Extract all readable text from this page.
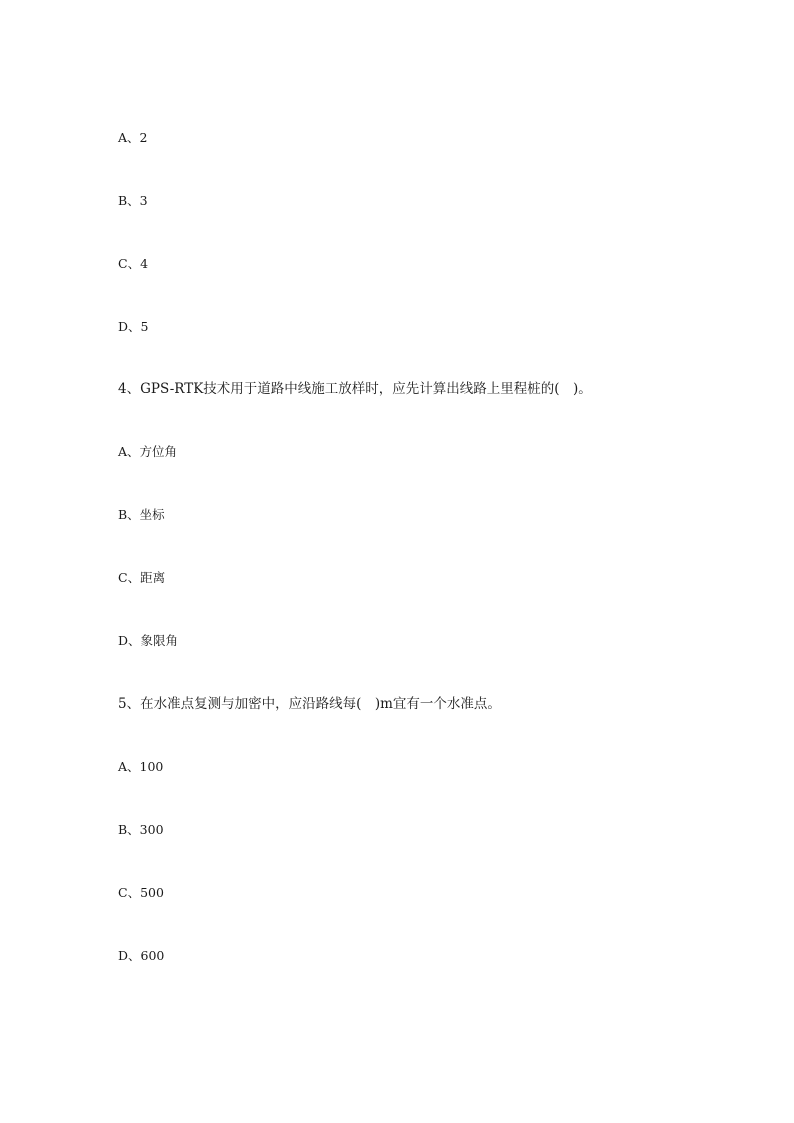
A、2
B、3
C、4
D、5
4、GPS-RTK技术用于道路中线施工放样时，应先计算出线路上里程桩的(　)。
A、方位角
B、坐标
C、距离
D、象限角
5、在水准点复测与加密中，应沿路线每(　)m宜有一个水准点。
A、100
B、300
C、500
D、600
